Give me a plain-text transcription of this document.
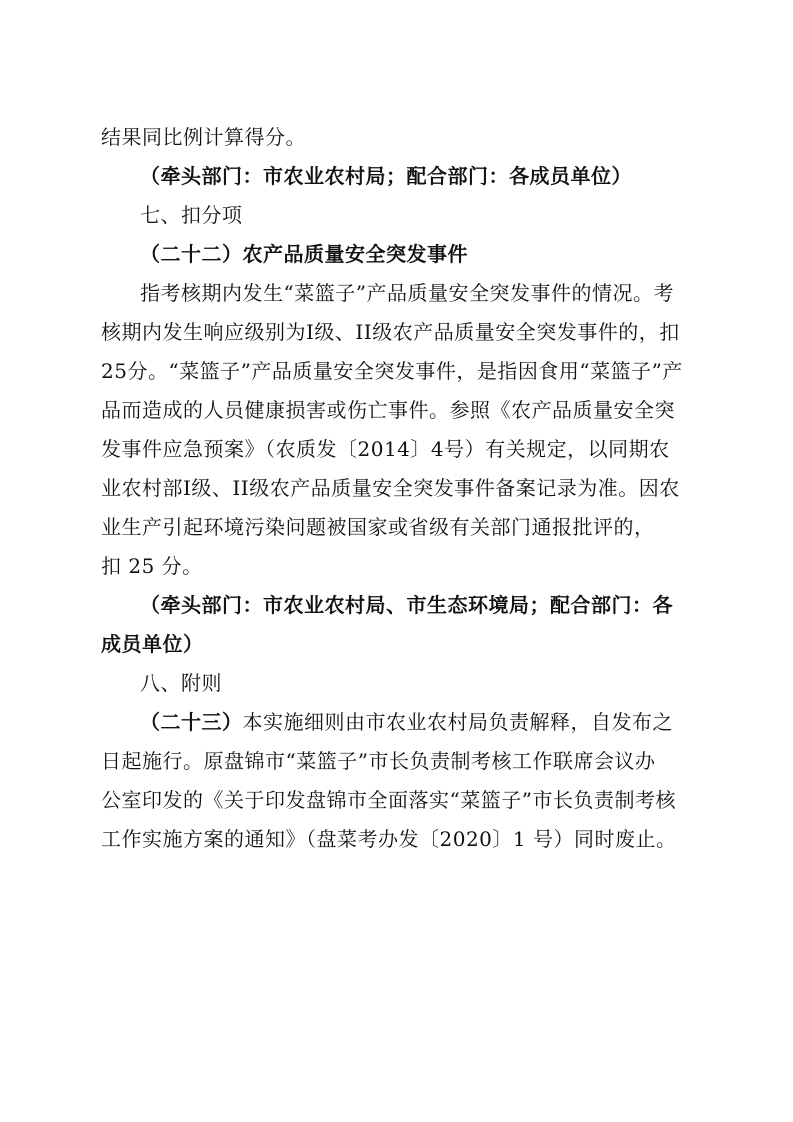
结果同比例计算得分。
（牵头部门：市农业农村局；配合部门：各成员单位）
七、扣分项
（二十二）农产品质量安全突发事件
指考核期内发生“菜篮子”产品质量安全突发事件的情况。考
核期内发生响应级别为I级、II级农产品质量安全突发事件的，扣
25分。“菜篮子”产品质量安全突发事件，是指因食用“菜篮子”产
品而造成的人员健康损害或伤亡事件。参照《农产品质量安全突
发事件应急预案》（农质发〔2014〕4号）有关规定，以同期农
业农村部I级、II级农产品质量安全突发事件备案记录为准。因农
业生产引起环境污染问题被国家或省级有关部门通报批评的，
扣 25 分。
（牵头部门：市农业农村局、市生态环境局；配合部门：各
成员单位）
八、附则
（二十三）本实施细则由市农业农村局负责解释，自发布之
日起施行。原盘锦市“菜篮子”市长负责制考核工作联席会议办
公室印发的《关于印发盘锦市全面落实“菜篮子”市长负责制考核
工作实施方案的通知》（盘菜考办发〔2020〕1 号）同时废止。
